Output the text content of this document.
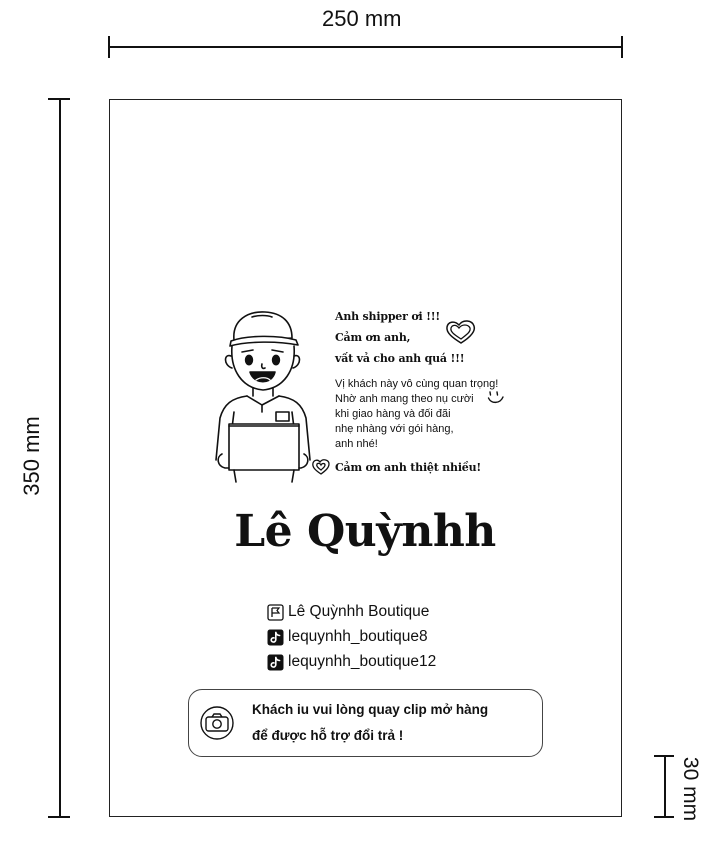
250 mm
350 mm
30 mm
Anh shipper ơi !!!
Cảm ơn anh,
vất vả cho anh quá !!!
Vị khách này vô cùng quan trọng!
Nhờ anh mang theo nụ cười
khi giao hàng và đối đãi
nhẹ nhàng với gói hàng,
anh nhé!
Cảm ơn anh thiệt nhiều!
Lê Quỳnhh
Lê Quỳnhh Boutique
lequynhh_boutique8
lequynhh_boutique12
Khách iu vui lòng quay clip mở hàng
để được hỗ trợ đổi trả !
